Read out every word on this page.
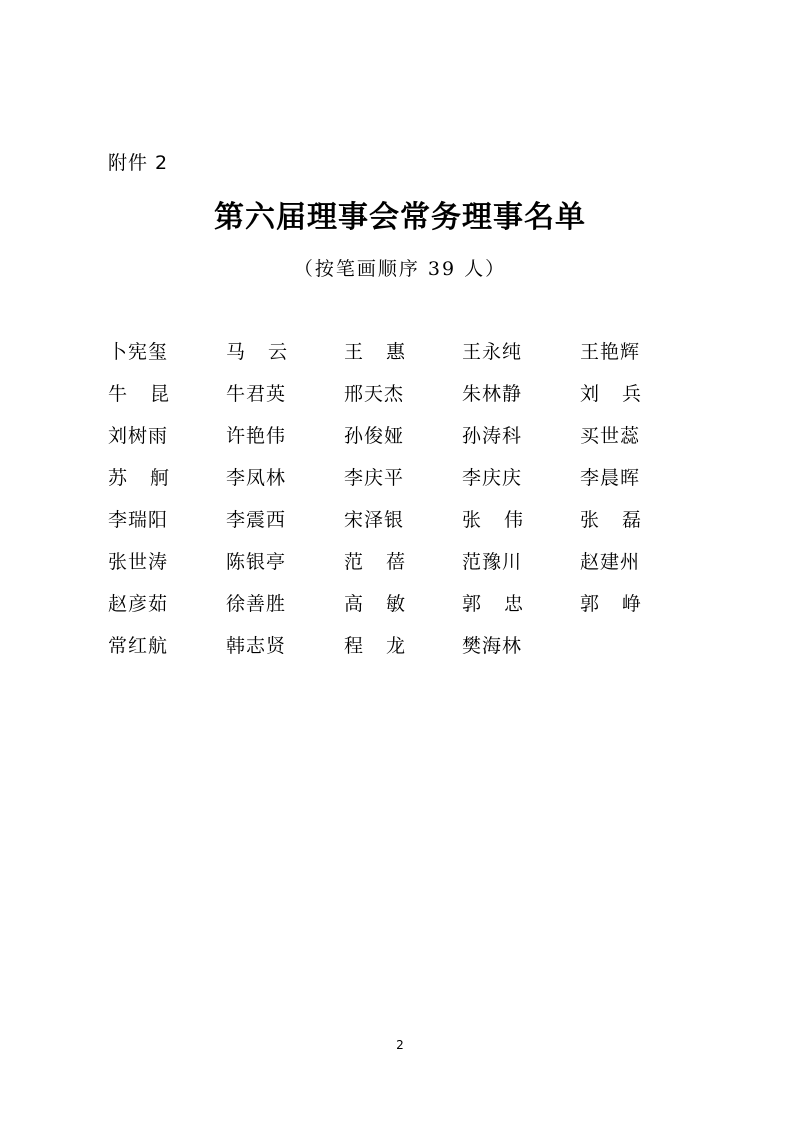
附件 2
第六届理事会常务理事名单
（按笔画顺序 39 人）
卜宪玺	马 云	王 惠	王永纯	王艳辉
牛 昆	牛君英	邢天杰	朱林静	刘 兵
刘树雨	许艳伟	孙俊娅	孙涛科	买世蕊
苏 舸	李凤林	李庆平	李庆庆	李晨晖
李瑞阳	李震西	宋泽银	张 伟	张 磊
张世涛	陈银亭	范 蓓	范豫川	赵建州
赵彦茹	徐善胜	高 敏	郭 忠	郭 峥
常红航	韩志贤	程 龙	樊海林
2
